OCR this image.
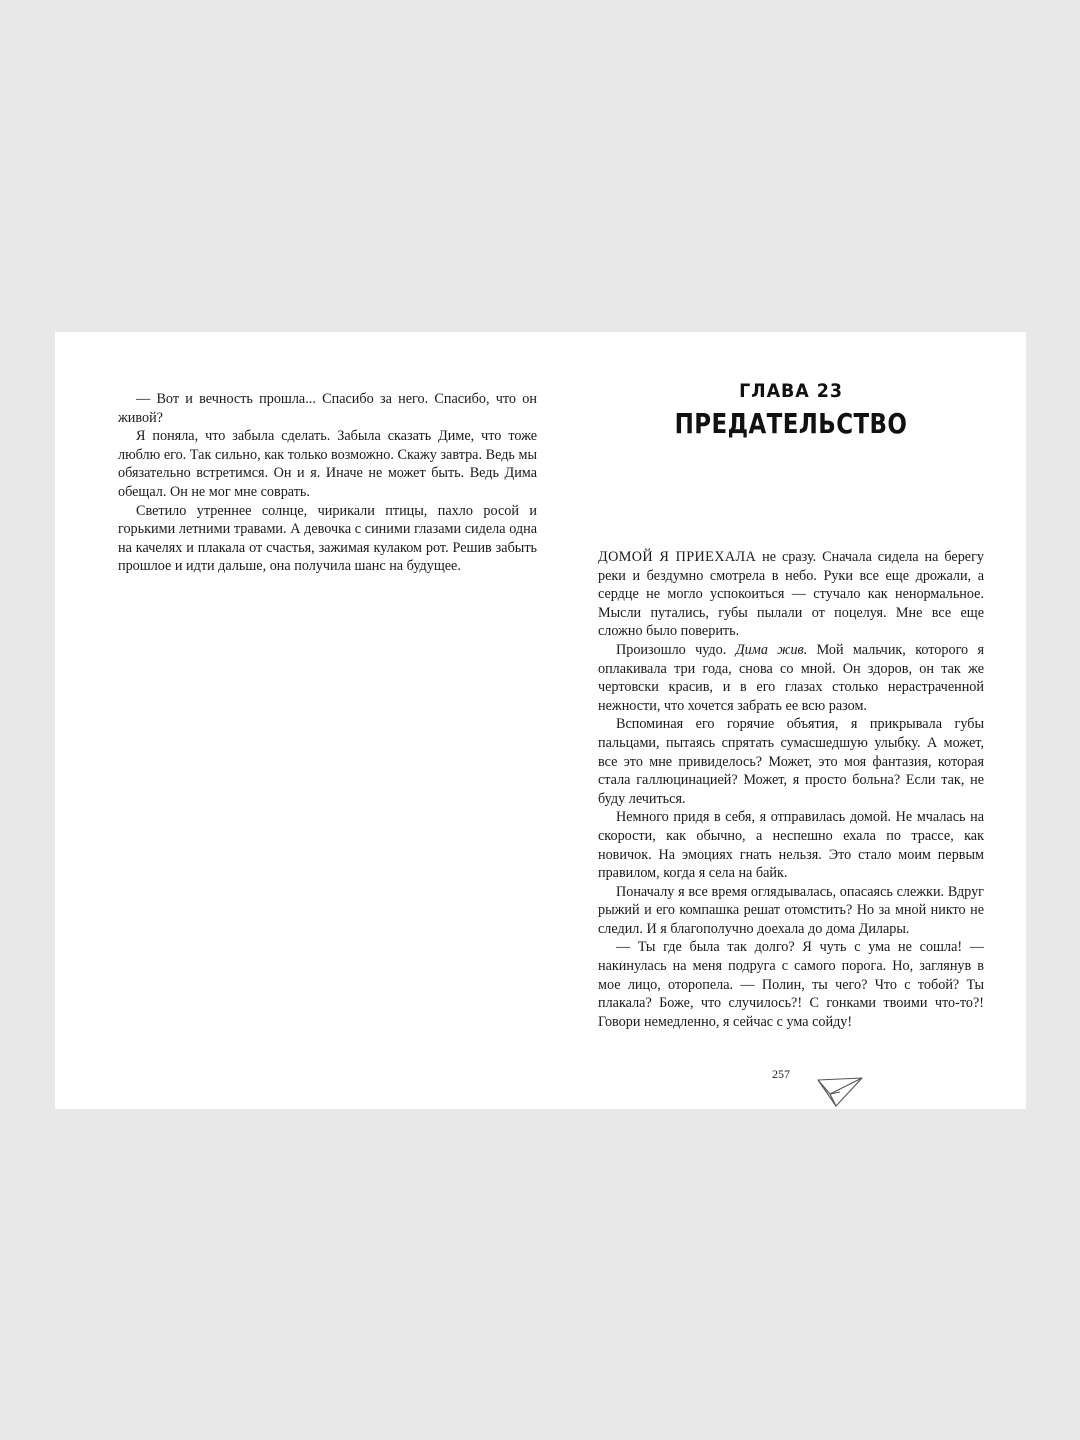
— Вот и вечность прошла... Спасибо за него. Спасибо, что он живой?

Я поняла, что забыла сделать. Забыла сказать Диме, что тоже люблю его. Так сильно, как только возможно. Скажу завтра. Ведь мы обязательно встретимся. Он и я. Иначе не может быть. Ведь Дима обещал. Он не мог мне соврать.

Светило утреннее солнце, чирикали птицы, пахло росой и горькими летними травами. А девочка с синими глазами сидела одна на качелях и плакала от счастья, зажимая кулаком рот. Решив забыть прошлое и идти дальше, она получила шанс на будущее.

ГЛАВА 23
ПРЕДАТЕЛЬСТВО

ДОМОЙ Я ПРИЕХАЛА не сразу. Сначала сидела на берегу реки и бездумно смотрела в небо. Руки все еще дрожали, а сердце не могло успокоиться — стучало как ненормальное. Мысли путались, губы пылали от поцелуя. Мне все еще сложно было поверить.

Произошло чудо. Дима жив. Мой мальчик, которого я оплакивала три года, снова со мной. Он здоров, он так же чертовски красив, и в его глазах столько нерастраченной нежности, что хочется забрать ее всю разом.

Вспоминая его горячие объятия, я прикрывала губы пальцами, пытаясь спрятать сумасшедшую улыбку. А может, все это мне привиделось? Может, это моя фантазия, которая стала галлюцинацией? Может, я просто больна? Если так, не буду лечиться.

Немного придя в себя, я отправилась домой. Не мчалась на скорости, как обычно, а неспешно ехала по трассе, как новичок. На эмоциях гнать нельзя. Это стало моим первым правилом, когда я села на байк.

Поначалу я все время оглядывалась, опасаясь слежки. Вдруг рыжий и его компашка решат отомстить? Но за мной никто не следил. И я благополучно доехала до дома Дилары.

— Ты где была так долго? Я чуть с ума не сошла! — накинулась на меня подруга с самого порога. Но, заглянув в мое лицо, оторопела. — Полин, ты чего? Что с тобой? Ты плакала? Боже, что случилось?! С гонками твоими что-то?! Говори немедленно, я сейчас с ума сойду!

257
